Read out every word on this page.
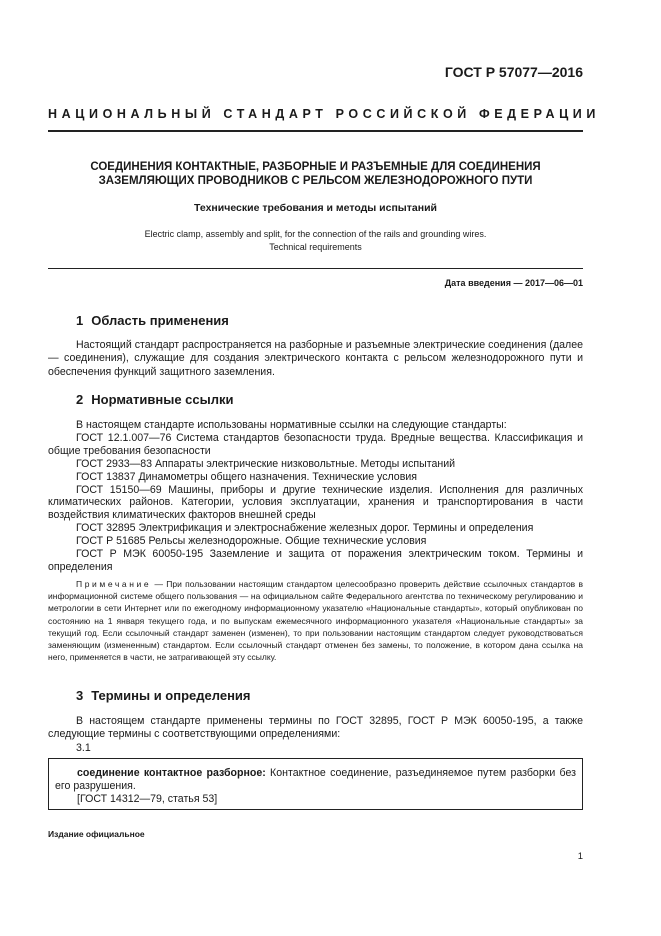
ГОСТ Р 57077—2016
НАЦИОНАЛЬНЫЙ СТАНДАРТ РОССИЙСКОЙ ФЕДЕРАЦИИ
СОЕДИНЕНИЯ КОНТАКТНЫЕ, РАЗБОРНЫЕ И РАЗЪЕМНЫЕ ДЛЯ СОЕДИНЕНИЯ
ЗАЗЕМЛЯЮЩИХ ПРОВОДНИКОВ С РЕЛЬСОМ ЖЕЛЕЗНОДОРОЖНОГО ПУТИ
Технические требования и методы испытаний
Electric clamp, assembly and split, for the connection of the rails and grounding wires.
Technical requirements
Дата введения — 2017—06—01
1 Область применения
Настоящий стандарт распространяется на разборные и разъемные электрические соединения (далее — соединения), служащие для создания электрического контакта с рельсом железнодорожного пути и обеспечения функций защитного заземления.
2 Нормативные ссылки
В настоящем стандарте использованы нормативные ссылки на следующие стандарты:
ГОСТ 12.1.007—76 Система стандартов безопасности труда. Вредные вещества. Классификация и общие требования безопасности
ГОСТ 2933—83 Аппараты электрические низковольтные. Методы испытаний
ГОСТ 13837 Динамометры общего назначения. Технические условия
ГОСТ 15150—69 Машины, приборы и другие технические изделия. Исполнения для различных климатических районов. Категории, условия эксплуатации, хранения и транспортирования в части воздействия климатических факторов внешней среды
ГОСТ 32895 Электрификация и электроснабжение железных дорог. Термины и определения
ГОСТ Р 51685 Рельсы железнодорожные. Общие технические условия
ГОСТ Р МЭК 60050-195 Заземление и защита от поражения электрическим током. Термины и определения
Примечание — При пользовании настоящим стандартом целесообразно проверить действие ссылочных стандартов в информационной системе общего пользования — на официальном сайте Федерального агентства по техническому регулированию и метрологии в сети Интернет или по ежегодному информационному указателю «Национальные стандарты», который опубликован по состоянию на 1 января текущего года, и по выпускам ежемесячного информационного указателя «Национальные стандарты» за текущий год. Если ссылочный стандарт заменен (изменен), то при пользовании настоящим стандартом следует руководствоваться заменяющим (измененным) стандартом. Если ссылочный стандарт отменен без замены, то положение, в котором дана ссылка на него, применяется в части, не затрагивающей эту ссылку.
3 Термины и определения
В настоящем стандарте применены термины по ГОСТ 32895, ГОСТ Р МЭК 60050-195, а также следующие термины с соответствующими определениями:
3.1
соединение контактное разборное: Контактное соединение, разъединяемое путем разборки без его разрушения.
[ГОСТ 14312—79, статья 53]
Издание официальное
1
